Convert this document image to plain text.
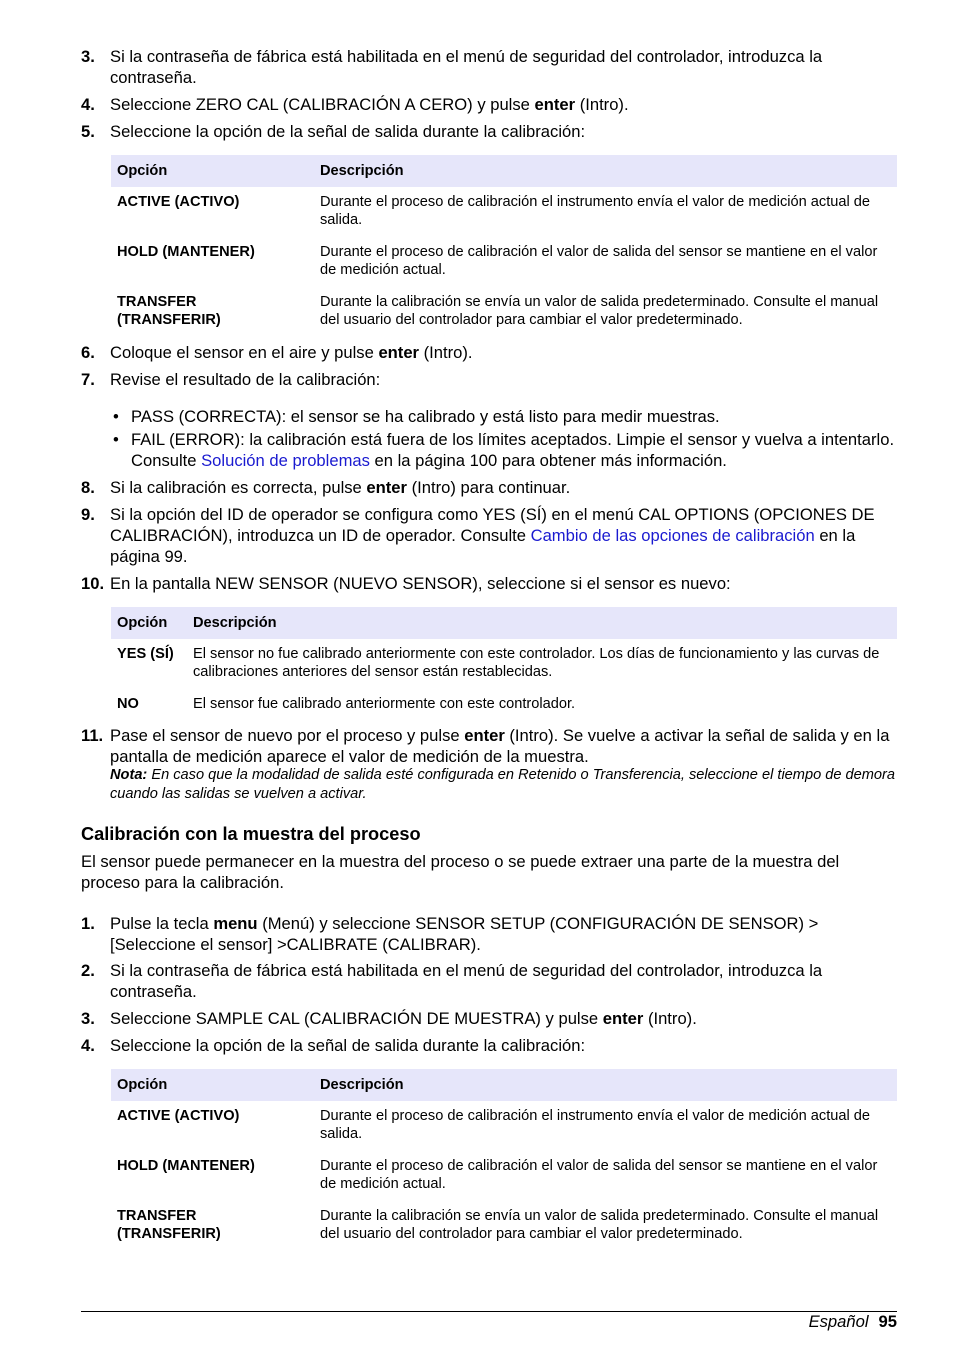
3. Si la contraseña de fábrica está habilitada en el menú de seguridad del controlador, introduzca la contraseña.
4. Seleccione ZERO CAL (CALIBRACIÓN A CERO) y pulse enter (Intro).
5. Seleccione la opción de la señal de salida durante la calibración:
Opción	Descripción
ACTIVE (ACTIVO)	Durante el proceso de calibración el instrumento envía el valor de medición actual de salida.
HOLD (MANTENER)	Durante el proceso de calibración el valor de salida del sensor se mantiene en el valor de medición actual.
TRANSFER (TRANSFERIR)	Durante la calibración se envía un valor de salida predeterminado. Consulte el manual del usuario del controlador para cambiar el valor predeterminado.
6. Coloque el sensor en el aire y pulse enter (Intro).
7. Revise el resultado de la calibración:
• PASS (CORRECTA): el sensor se ha calibrado y está listo para medir muestras.
• FAIL (ERROR): la calibración está fuera de los límites aceptados. Limpie el sensor y vuelva a intentarlo. Consulte Solución de problemas en la página 100 para obtener más información.
8. Si la calibración es correcta, pulse enter (Intro) para continuar.
9. Si la opción del ID de operador se configura como YES (SÍ) en el menú CAL OPTIONS (OPCIONES DE CALIBRACIÓN), introduzca un ID de operador. Consulte Cambio de las opciones de calibración en la página 99.
10. En la pantalla NEW SENSOR (NUEVO SENSOR), seleccione si el sensor es nuevo:
Opción	Descripción
YES (SÍ)	El sensor no fue calibrado anteriormente con este controlador. Los días de funcionamiento y las curvas de calibraciones anteriores del sensor están restablecidas.
NO	El sensor fue calibrado anteriormente con este controlador.
11. Pase el sensor de nuevo por el proceso y pulse enter (Intro). Se vuelve a activar la señal de salida y en la pantalla de medición aparece el valor de medición de la muestra.
Nota: En caso que la modalidad de salida esté configurada en Retenido o Transferencia, seleccione el tiempo de demora cuando las salidas se vuelven a activar.
Calibración con la muestra del proceso
El sensor puede permanecer en la muestra del proceso o se puede extraer una parte de la muestra del proceso para la calibración.
1. Pulse la tecla menu (Menú) y seleccione SENSOR SETUP (CONFIGURACIÓN DE SENSOR) > [Seleccione el sensor] >CALIBRATE (CALIBRAR).
2. Si la contraseña de fábrica está habilitada en el menú de seguridad del controlador, introduzca la contraseña.
3. Seleccione SAMPLE CAL (CALIBRACIÓN DE MUESTRA) y pulse enter (Intro).
4. Seleccione la opción de la señal de salida durante la calibración:
Opción	Descripción
ACTIVE (ACTIVO)	Durante el proceso de calibración el instrumento envía el valor de medición actual de salida.
HOLD (MANTENER)	Durante el proceso de calibración el valor de salida del sensor se mantiene en el valor de medición actual.
TRANSFER (TRANSFERIR)	Durante la calibración se envía un valor de salida predeterminado. Consulte el manual del usuario del controlador para cambiar el valor predeterminado.
Español 95
